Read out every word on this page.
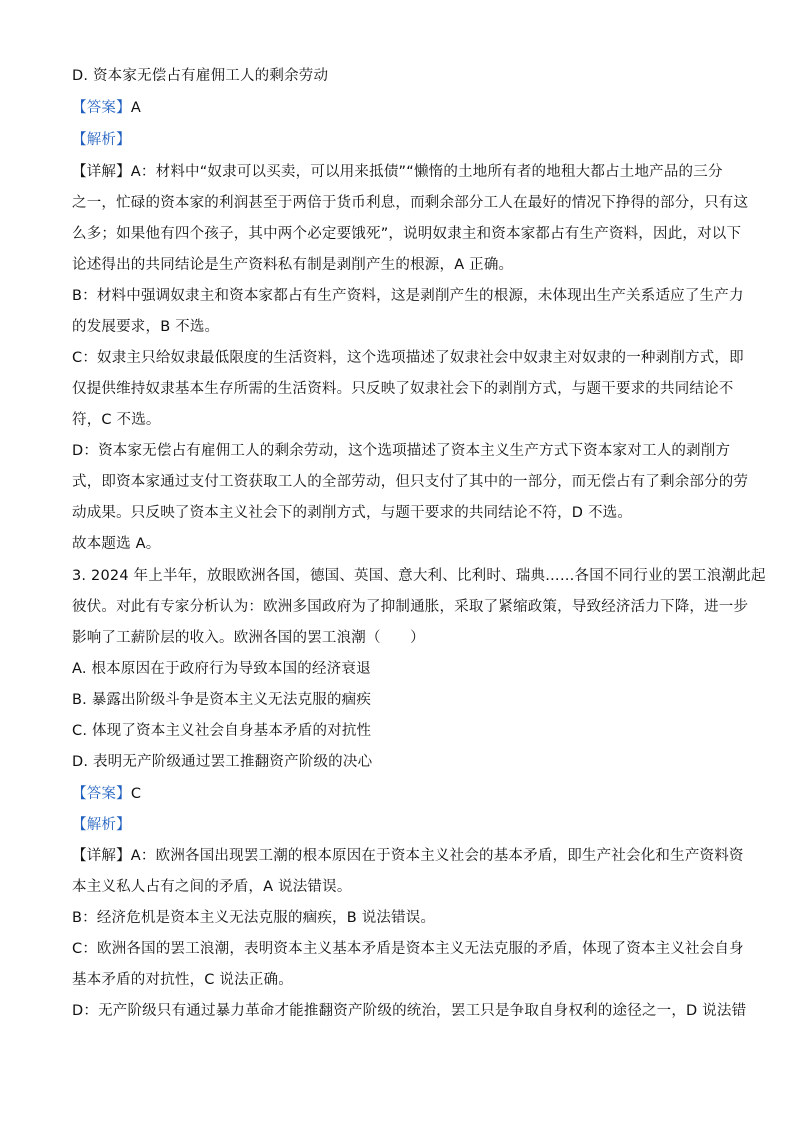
D. 资本家无偿占有雇佣工人的剩余劳动
【答案】A
【解析】
【详解】A：材料中“奴隶可以买卖，可以用来抵债”“懒惰的土地所有者的地租大都占土地产品的三分
之一，忙碌的资本家的利润甚至于两倍于货币利息，而剩余部分工人在最好的情况下挣得的部分，只有这
么多；如果他有四个孩子，其中两个必定要饿死”，说明奴隶主和资本家都占有生产资料，因此，对以下
论述得出的共同结论是生产资料私有制是剥削产生的根源，A 正确。
B：材料中强调奴隶主和资本家都占有生产资料，这是剥削产生的根源，未体现出生产关系适应了生产力
的发展要求，B 不选。
C：奴隶主只给奴隶最低限度的生活资料，这个选项描述了奴隶社会中奴隶主对奴隶的一种剥削方式，即
仅提供维持奴隶基本生存所需的生活资料。只反映了奴隶社会下的剥削方式，与题干要求的共同结论不
符，C 不选。
D：资本家无偿占有雇佣工人的剩余劳动，这个选项描述了资本主义生产方式下资本家对工人的剥削方
式，即资本家通过支付工资获取工人的全部劳动，但只支付了其中的一部分，而无偿占有了剩余部分的劳
动成果。只反映了资本主义社会下的剥削方式，与题干要求的共同结论不符，D 不选。
故本题选 A。
3. 2024 年上半年，放眼欧洲各国，德国、英国、意大利、比利时、瑞典……各国不同行业的罢工浪潮此起
彼伏。对此有专家分析认为：欧洲多国政府为了抑制通胀，采取了紧缩政策，导致经济活力下降，进一步
影响了工薪阶层的收入。欧洲各国的罢工浪潮（　　）
A. 根本原因在于政府行为导致本国的经济衰退
B. 暴露出阶级斗争是资本主义无法克服的痼疾
C. 体现了资本主义社会自身基本矛盾的对抗性
D. 表明无产阶级通过罢工推翻资产阶级的决心
【答案】C
【解析】
【详解】A：欧洲各国出现罢工潮的根本原因在于资本主义社会的基本矛盾，即生产社会化和生产资料资
本主义私人占有之间的矛盾，A 说法错误。
B：经济危机是资本主义无法克服的痼疾，B 说法错误。
C：欧洲各国的罢工浪潮，表明资本主义基本矛盾是资本主义无法克服的矛盾，体现了资本主义社会自身
基本矛盾的对抗性，C 说法正确。
D：无产阶级只有通过暴力革命才能推翻资产阶级的统治，罢工只是争取自身权利的途径之一，D 说法错
